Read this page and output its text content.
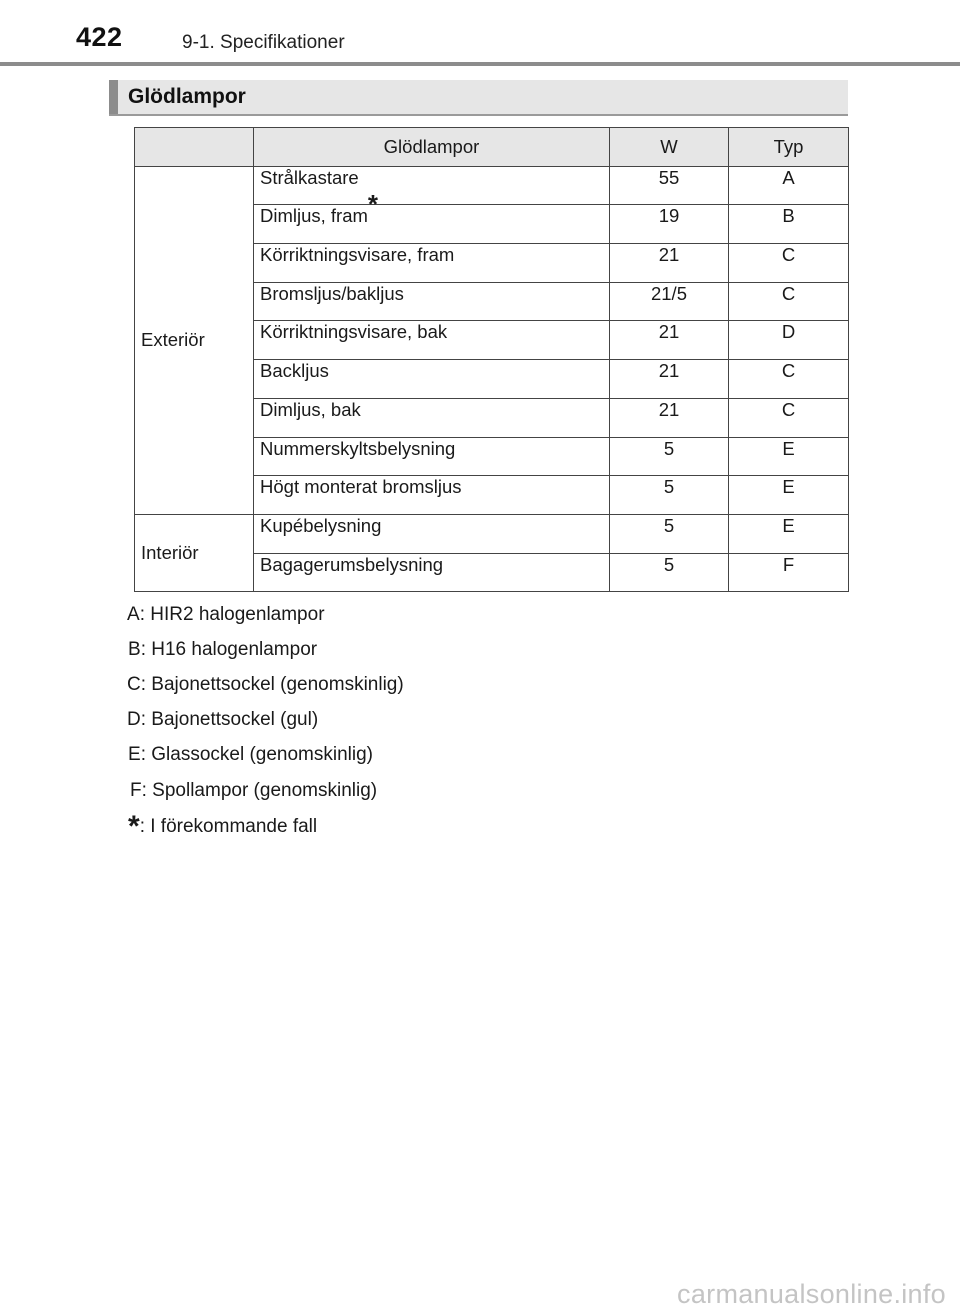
422	9-1. Specifikationer
Glödlampor
	Glödlampor	W	Typ
Exteriör	Strålkastare	55	A
	Dimljus, fram*	19	B
	Körriktningsvisare, fram	21	C
	Bromsljus/bakljus	21/5	C
	Körriktningsvisare, bak	21	D
	Backljus	21	C
	Dimljus, bak	21	C
	Nummerskyltsbelysning	5	E
	Högt monterat bromsljus	5	E
Interiör	Kupébelysning	5	E
	Bagagerumsbelysning	5	F
A: HIR2 halogenlampor
B: H16 halogenlampor
C: Bajonettsockel (genomskinlig)
D: Bajonettsockel (gul)
E: Glassockel (genomskinlig)
F: Spollampor (genomskinlig)
*: I förekommande fall
carmanualsonline.info
